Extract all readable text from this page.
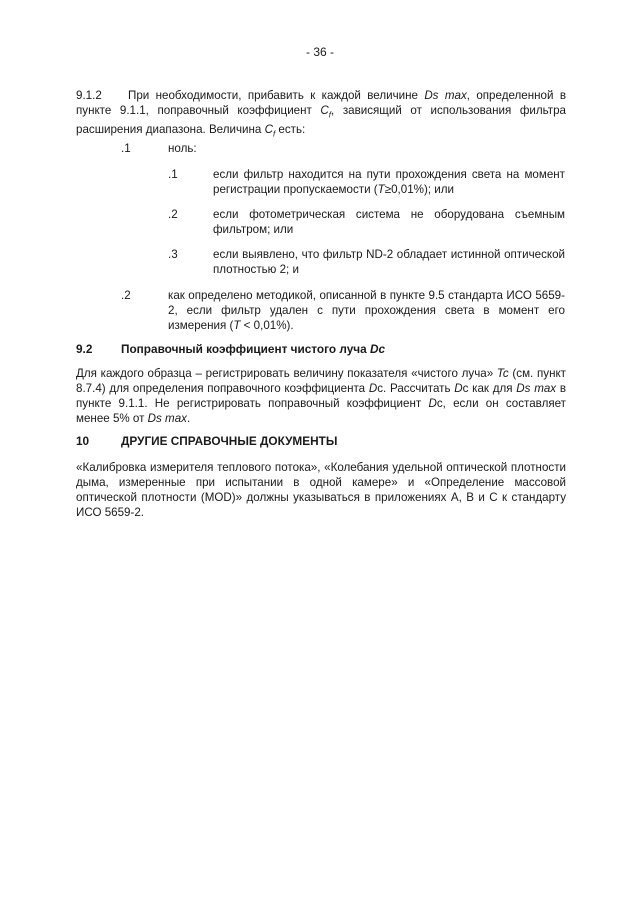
- 36 -
9.1.2	При необходимости, прибавить к каждой величине Ds max, определенной в пункте 9.1.1, поправочный коэффициент $C_f$, зависящий от использования фильтра расширения диапазона. Величина $C_f$ есть:
.1	ноль:
.1	если фильтр находится на пути прохождения света на момент регистрации пропускаемости (T≥0,01%); или
.2	если фотометрическая система не оборудована съемным фильтром; или
.3	если выявлено, что фильтр ND-2 обладает истинной оптической плотностью 2; и
.2	как определено методикой, описанной в пункте 9.5 стандарта ИСО 5659-2, если фильтр удален с пути прохождения света в момент его измерения (T < 0,01%).
9.2 Поправочный коэффициент чистого луча Dc
Для каждого образца – регистрировать величину показателя «чистого луча» Tc (см. пункт 8.7.4) для определения поправочного коэффициента Dc. Рассчитать Dc как для Ds max в пункте 9.1.1. Не регистрировать поправочный коэффициент Dc, если он составляет менее 5% от Ds max.
10	ДРУГИЕ СПРАВОЧНЫЕ ДОКУМЕНТЫ
«Калибровка измерителя теплового потока», «Колебания удельной оптической плотности дыма, измеренные при испытании в одной камере» и «Определение массовой оптической плотности (MOD)» должны указываться в приложениях A, B и C к стандарту ИСО 5659-2.
